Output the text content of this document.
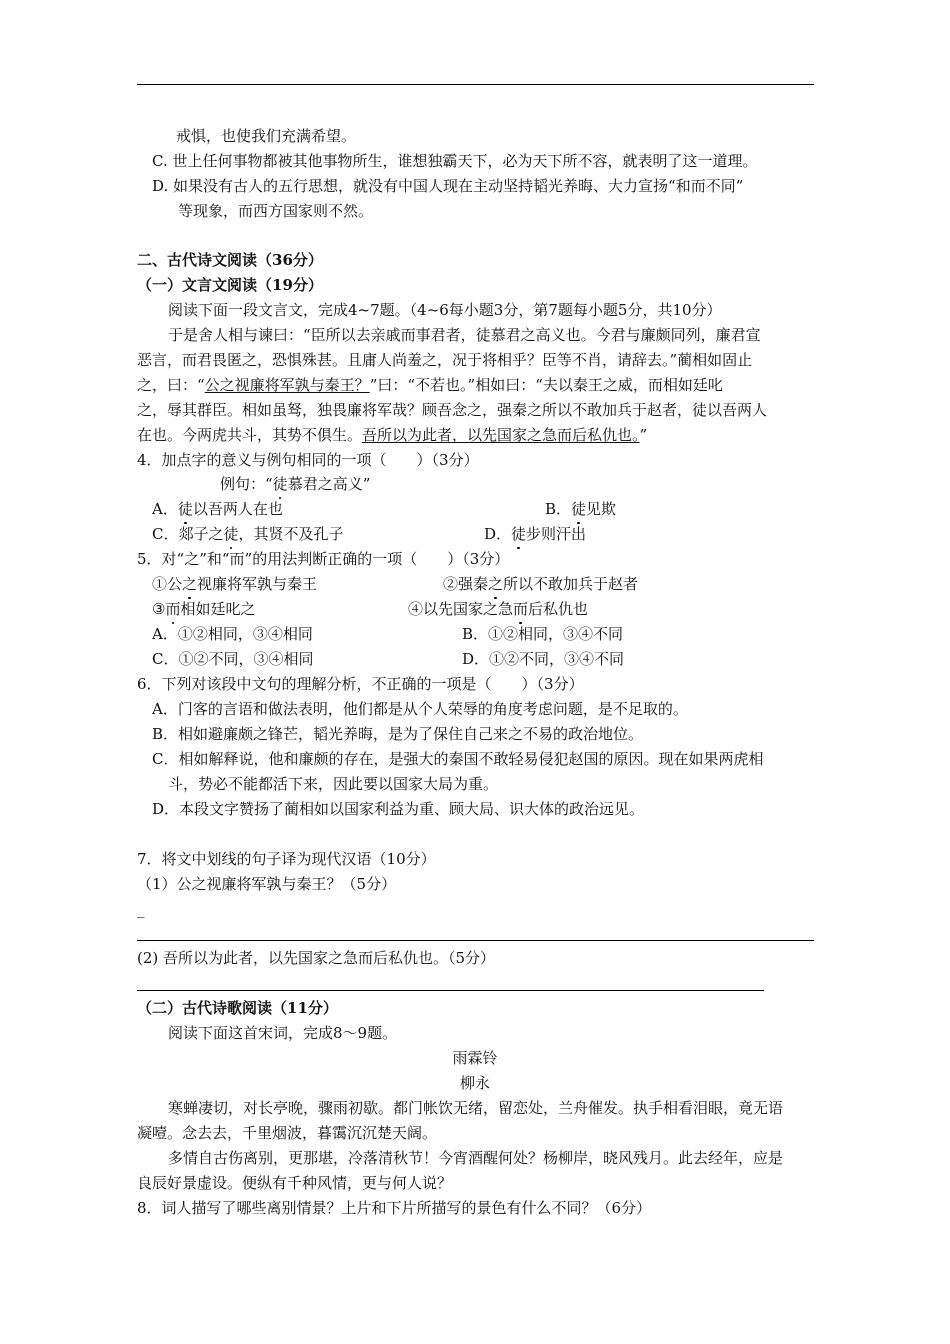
戒惧，也使我们充满希望。
C. 世上任何事物都被其他事物所生，谁想独霸天下，必为天下所不容，就表明了这一道理。
D. 如果没有古人的五行思想，就没有中国人现在主动坚持韬光养晦、大力宣扬“和而不同”
等现象，而西方国家则不然。
二、古代诗文阅读（36分）
（一）文言文阅读（19分）
阅读下面一段文言文，完成4~7题。（4~6每小题3分，第7题每小题5分，共10分）
于是舍人相与谏曰：“臣所以去亲戚而事君者，徒慕君之高义也。今君与廉颇同列，廉君宣
恶言，而君畏匿之，恐惧殊甚。且庸人尚羞之，况于将相乎？臣等不肖，请辞去。”蔺相如固止
之，曰：“公之视廉将军孰与秦王？”曰：“不若也。”相如曰：“夫以秦王之威，而相如廷叱
之，辱其群臣。相如虽驽，独畏廉将军哉？顾吾念之，强秦之所以不敢加兵于赵者，徒以吾两人
在也。今两虎共斗，其势不俱生。吾所以为此者，以先国家之急而后私仇也。”
4．加点字的意义与例句相同的一项（　　）（3分）
例句：“徒慕君之高义”
A．徒以吾两人在也	B．徒见欺
C．郯子之徒，其贤不及孔子	D．徒步则汗出
5．对“之”和“而”的用法判断正确的一项（　　）（3分）
①公之视廉将军孰与秦王	②强秦之所以不敢加兵于赵者
③而相如廷叱之	④以先国家之急而后私仇也
A．①②相同，③④相同	B．①②相同，③④不同
C．①②不同，③④相同	D．①②不同，③④不同
6．下列对该段中文句的理解分析，不正确的一项是（　　）（3分）
A．门客的言语和做法表明，他们都是从个人荣辱的角度考虑问题，是不足取的。
B．相如避廉颇之锋芒，韬光养晦，是为了保住自己来之不易的政治地位。
C．相如解释说，他和廉颇的存在，是强大的秦国不敢轻易侵犯赵国的原因。现在如果两虎相
斗，势必不能都活下来，因此要以国家大局为重。
D．本段文字赞扬了蔺相如以国家利益为重、顾大局、识大体的政治远见。
7．将文中划线的句子译为现代汉语（10分）
（1）公之视廉将军孰与秦王？（5分）
_
(2) 吾所以为此者，以先国家之急而后私仇也。（5分）
（二）古代诗歌阅读（11分）
阅读下面这首宋词，完成8～9题。
雨霖铃
柳永
寒蝉凄切，对长亭晚，骤雨初歇。都门帐饮无绪，留恋处，兰舟催发。执手相看泪眼，竟无语
凝噎。念去去，千里烟波，暮霭沉沉楚天阔。
多情自古伤离别，更那堪，冷落清秋节！今宵酒醒何处？杨柳岸，晓风残月。此去经年，应是
良辰好景虚设。便纵有千种风情，更与何人说？
8．词人描写了哪些离别情景？上片和下片所描写的景色有什么不同？（6分）
